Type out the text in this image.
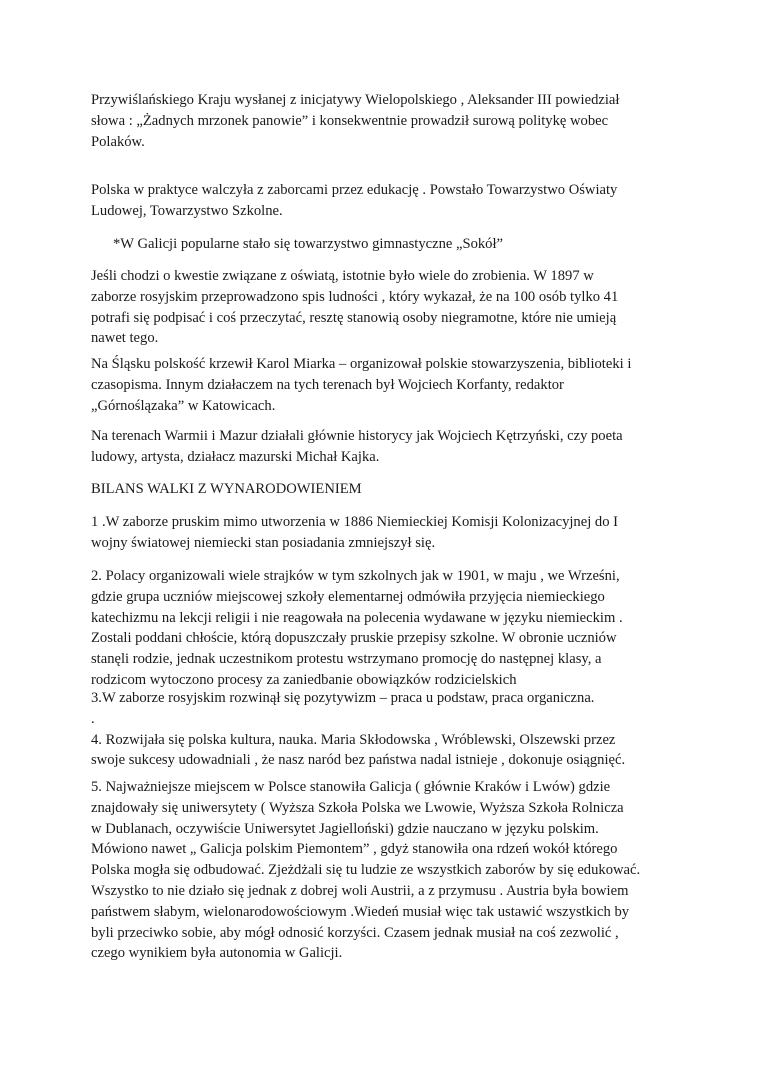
Przywiślańskiego Kraju wysłanej z inicjatywy Wielopolskiego , Aleksander III powiedział
słowa : „Żadnych mrzonek panowie” i konsekwentnie prowadził surową politykę wobec
Polaków.

Polska w praktyce walczyła z zaborcami przez edukację . Powstało Towarzystwo Oświaty
Ludowej, Towarzystwo Szkolne.

*W Galicji popularne stało się towarzystwo gimnastyczne „Sokół”

Jeśli chodzi o kwestie związane z oświatą, istotnie było wiele do zrobienia. W 1897 w
zaborze rosyjskim przeprowadzono spis ludności , który wykazał, że na 100 osób tylko 41
potrafi się podpisać i coś przeczytać, resztę stanowią osoby niegramotne, które nie umieją
nawet tego.

Na Śląsku polskość krzewił Karol Miarka – organizował polskie stowarzyszenia, biblioteki i
czasopisma. Innym działaczem na tych terenach był Wojciech Korfanty, redaktor
„Górnoślązaka” w Katowicach.

Na terenach Warmii i Mazur działali głównie historycy jak Wojciech Kętrzyński, czy poeta
ludowy, artysta, działacz mazurski Michał Kajka.

BILANS WALKI Z WYNARODOWIENIEM

1 .W zaborze pruskim mimo utworzenia w 1886 Niemieckiej Komisji Kolonizacyjnej do I
wojny światowej niemiecki stan posiadania zmniejszył się.

2. Polacy organizowali wiele strajków w tym szkolnych jak w 1901, w maju , we Wrześni,
gdzie grupa uczniów miejscowej szkoły elementarnej odmówiła przyjęcia niemieckiego
katechizmu na lekcji religii i nie reagowała na polecenia wydawane w języku niemieckim .
Zostali poddani chłoście, którą dopuszczały pruskie przepisy szkolne. W obronie uczniów
stanęli rodzie, jednak uczestnikom protestu wstrzymano promocję do następnej klasy, a
rodzicom wytoczono procesy za zaniedbanie obowiązków rodzicielskich

3.W zaborze rosyjskim rozwinął się pozytywizm – praca u podstaw, praca organiczna.
.
4. Rozwijała się polska kultura, nauka. Maria Skłodowska , Wróblewski, Olszewski przez
swoje sukcesy udowadniali , że nasz naród bez państwa nadal istnieje , dokonuje osiągnięć.

5. Najważniejsze miejscem w Polsce stanowiła Galicja ( głównie Kraków i Lwów) gdzie
znajdowały się uniwersytety ( Wyższa Szkoła Polska we Lwowie, Wyższa Szkoła Rolnicza
w Dublanach, oczywiście Uniwersytet Jagielloński) gdzie nauczano w języku polskim.
Mówiono nawet „ Galicja polskim Piemontem” , gdyż stanowiła ona rdzeń wokół którego
Polska mogła się odbudować. Zjeżdżali się tu ludzie ze wszystkich zaborów by się edukować.
Wszystko to nie działo się jednak z dobrej woli Austrii, a z przymusu . Austria była bowiem
państwem słabym, wielonarodowościowym .Wiedeń musiał więc tak ustawić wszystkich by
byli przeciwko sobie, aby mógł odnosić korzyści. Czasem jednak musiał na coś zezwolić ,
czego wynikiem była autonomia w Galicji.
